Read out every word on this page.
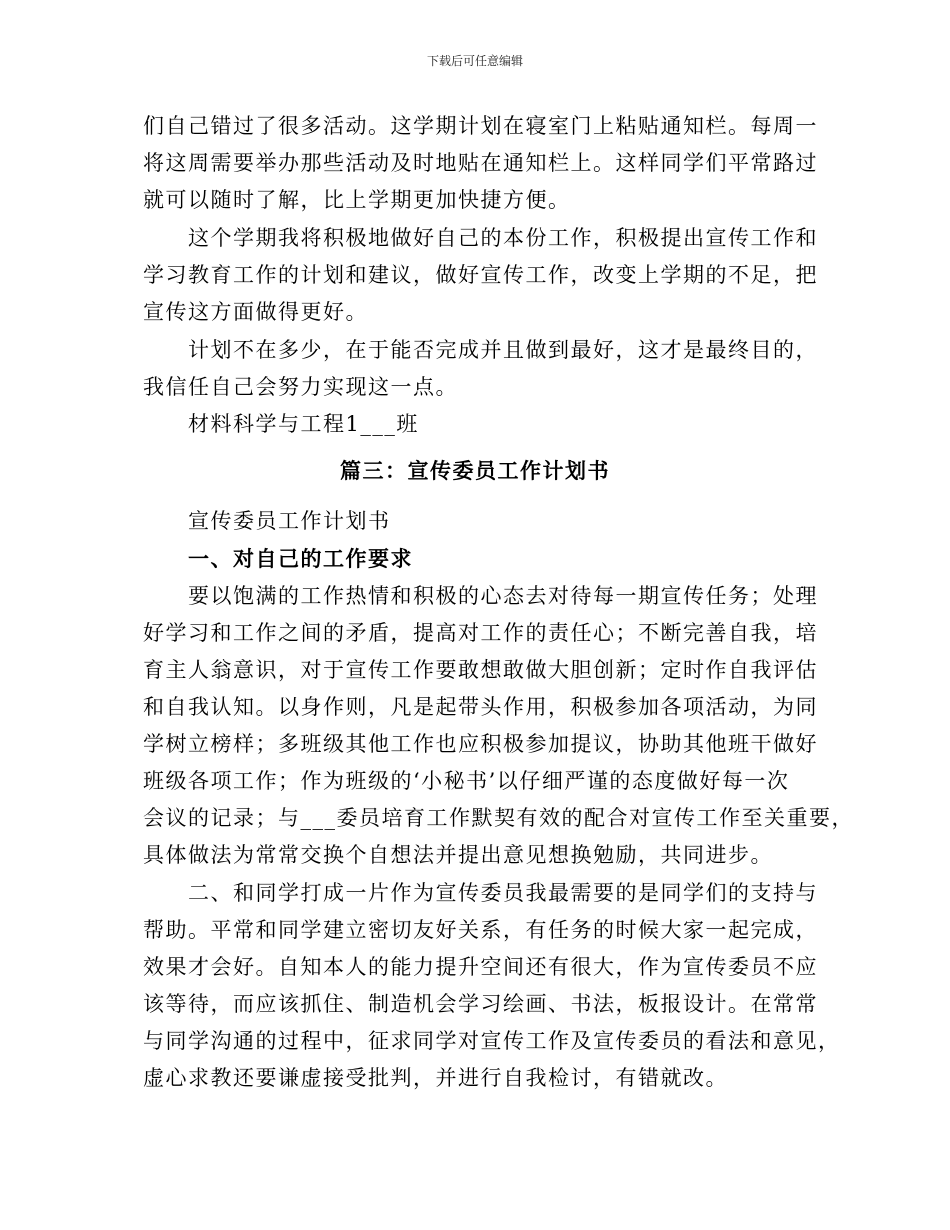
下载后可任意编辑
们自己错过了很多活动。这学期计划在寝室门上粘贴通知栏。每周一
将这周需要举办那些活动及时地贴在通知栏上。这样同学们平常路过
就可以随时了解，比上学期更加快捷方便。
这个学期我将积极地做好自己的本份工作，积极提出宣传工作和
学习教育工作的计划和建议，做好宣传工作，改变上学期的不足，把
宣传这方面做得更好。
计划不在多少，在于能否完成并且做到最好，这才是最终目的，
我信任自己会努力实现这一点。
材料科学与工程1___班
篇三：宣传委员工作计划书
宣传委员工作计划书
一、对自己的工作要求
要以饱满的工作热情和积极的心态去对待每一期宣传任务；处理
好学习和工作之间的矛盾，提高对工作的责任心；不断完善自我，培
育主人翁意识，对于宣传工作要敢想敢做大胆创新；定时作自我评估
和自我认知。以身作则，凡是起带头作用，积极参加各项活动，为同
学树立榜样；多班级其他工作也应积极参加提议，协助其他班干做好
班级各项工作；作为班级的‘小秘书’以仔细严谨的态度做好每一次
会议的记录；与___委员培育工作默契有效的配合对宣传工作至关重要，
具体做法为常常交换个自想法并提出意见想换勉励，共同进步。
二、和同学打成一片作为宣传委员我最需要的是同学们的支持与
帮助。平常和同学建立密切友好关系，有任务的时候大家一起完成，
效果才会好。自知本人的能力提升空间还有很大，作为宣传委员不应
该等待，而应该抓住、制造机会学习绘画、书法，板报设计。在常常
与同学沟通的过程中，征求同学对宣传工作及宣传委员的看法和意见，
虚心求教还要谦虚接受批判，并进行自我检讨，有错就改。
